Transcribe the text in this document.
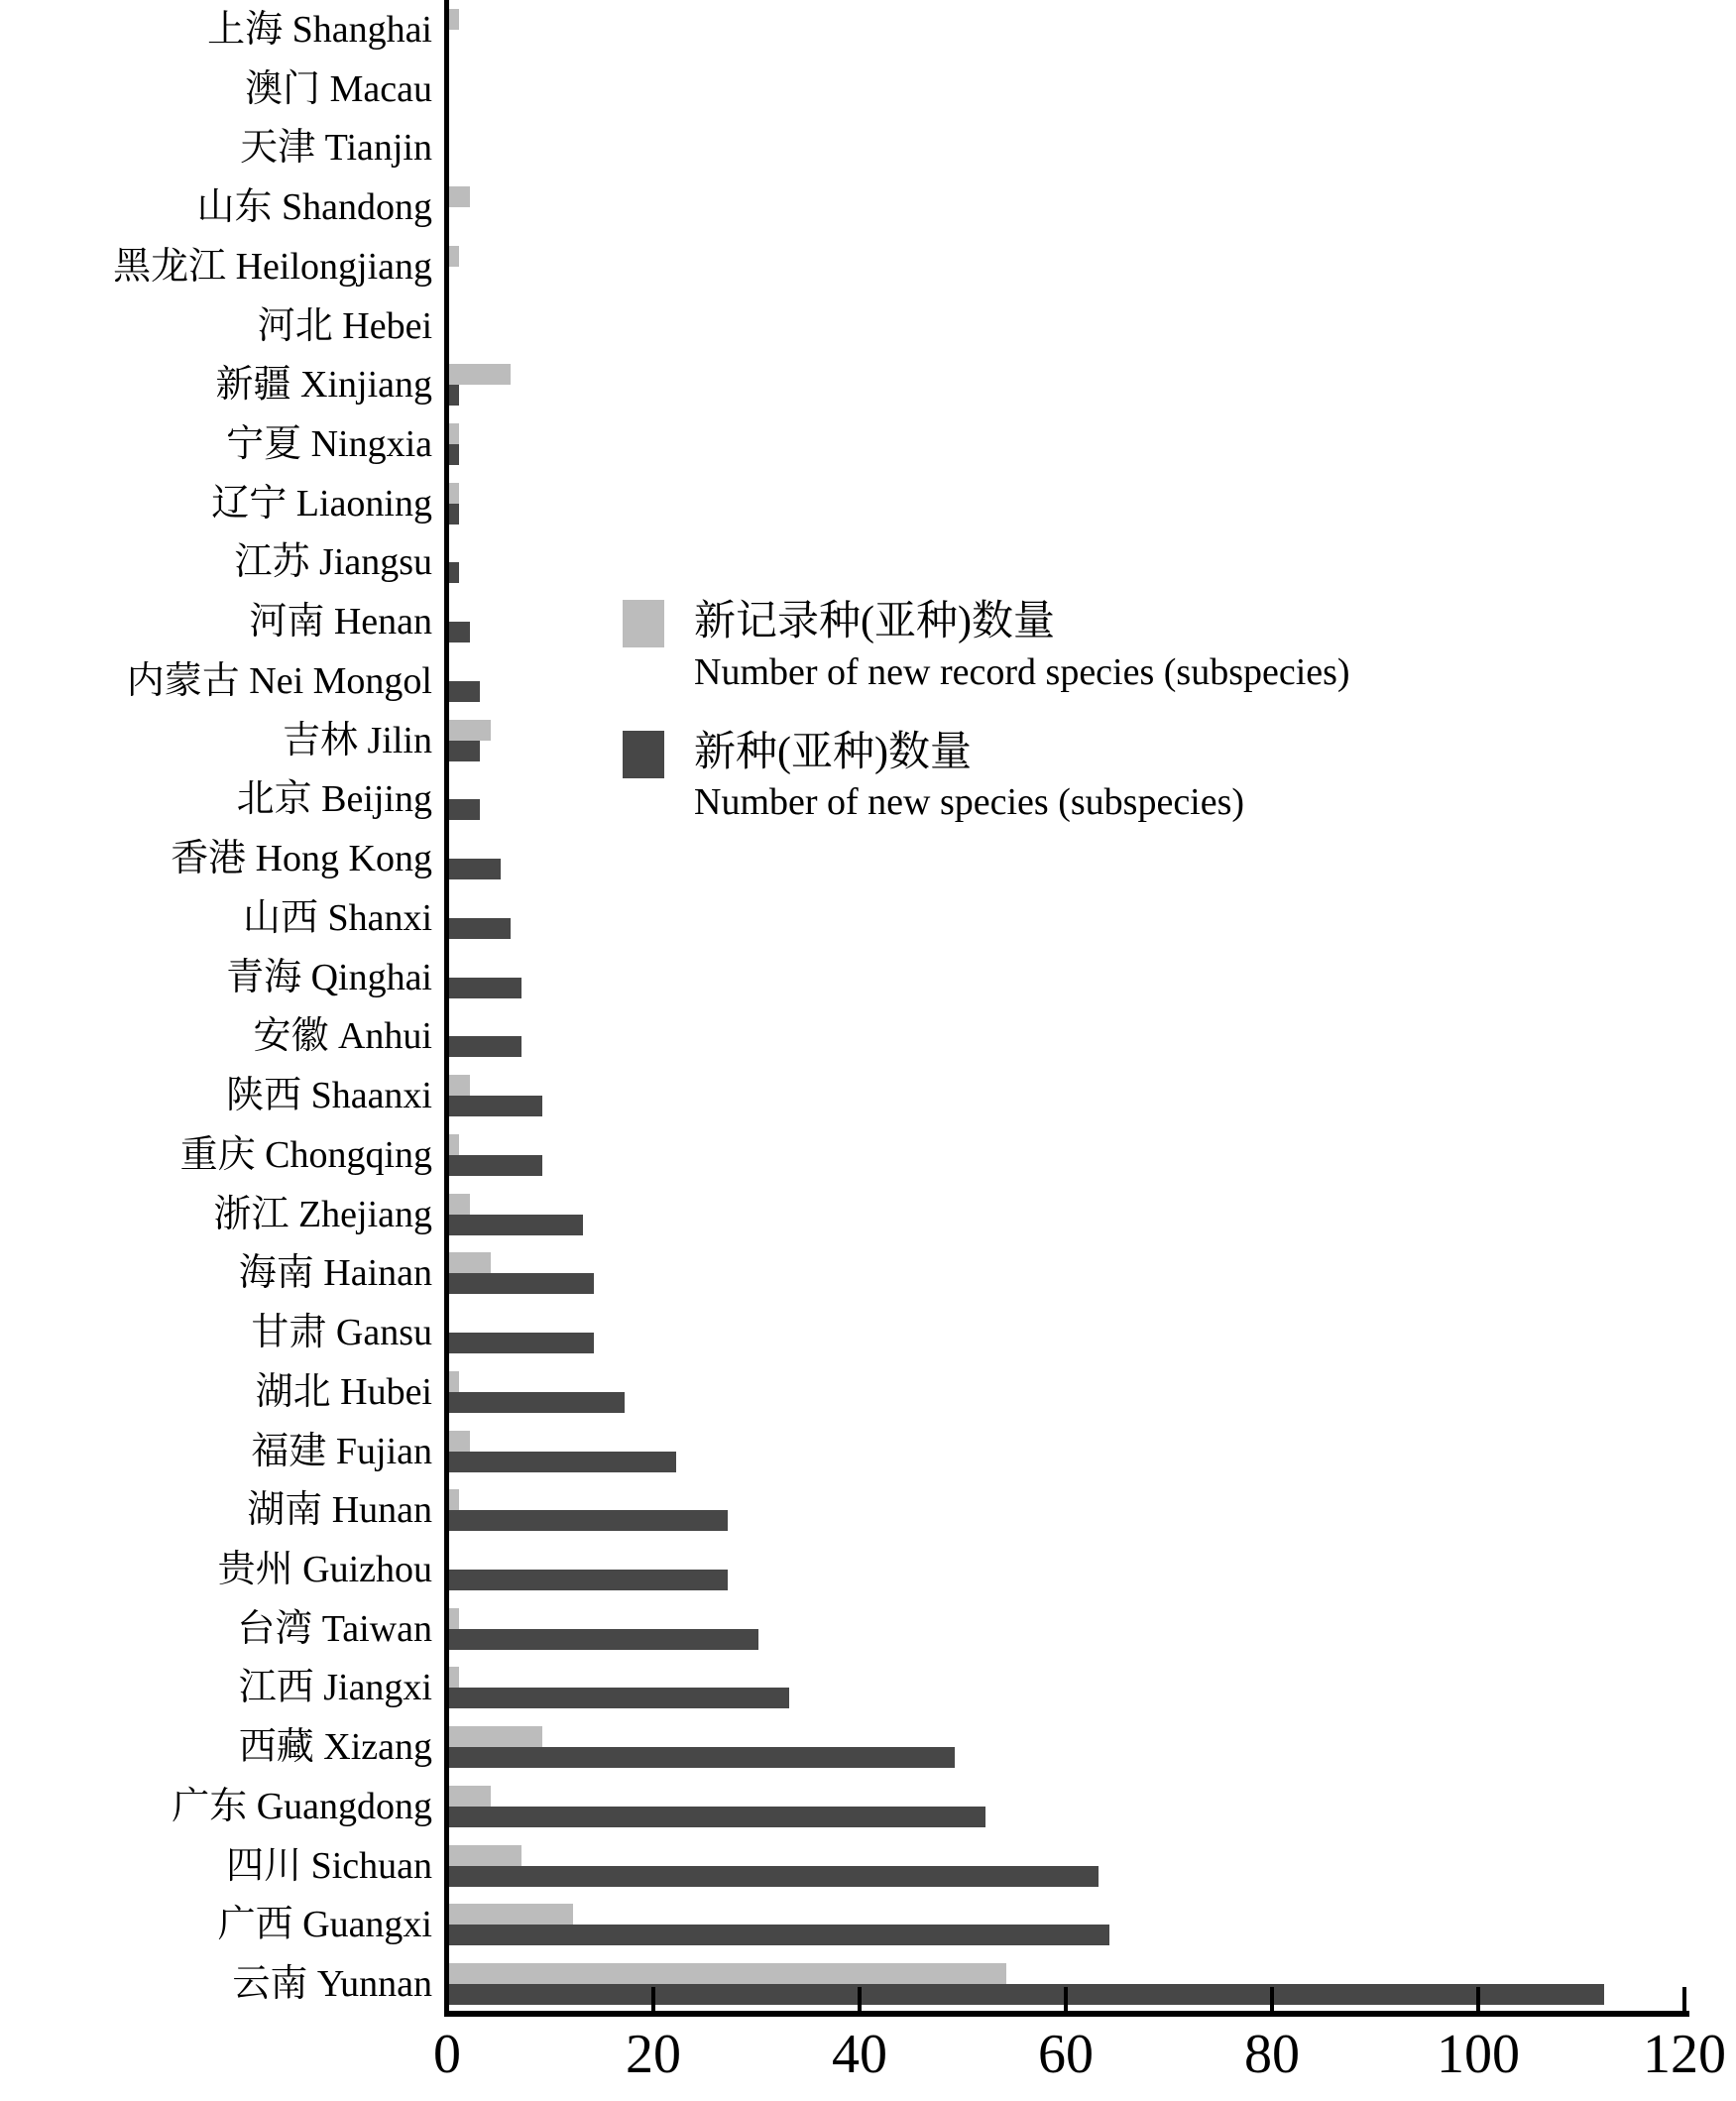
上海 Shanghai
澳门 Macau
天津 Tianjin
山东 Shandong
黑龙江 Heilongjiang
河北 Hebei
新疆 Xinjiang
宁夏 Ningxia
辽宁 Liaoning
江苏 Jiangsu
河南 Henan
内蒙古 Nei Mongol
吉林 Jilin
北京 Beijing
香港 Hong Kong
山西 Shanxi
青海 Qinghai
安徽 Anhui
陕西 Shaanxi
重庆 Chongqing
浙江 Zhejiang
海南 Hainan
甘肃 Gansu
湖北 Hubei
福建 Fujian
湖南 Hunan
贵州 Guizhou
台湾 Taiwan
江西 Jiangxi
西藏 Xizang
广东 Guangdong
四川 Sichuan
广西 Guangxi
云南 Yunnan
0	20	40	60	80 100 120
新记录种(亚种)数量
Number of new record species (subspecies)
新种(亚种)数量
Number of new species (subspecies)
